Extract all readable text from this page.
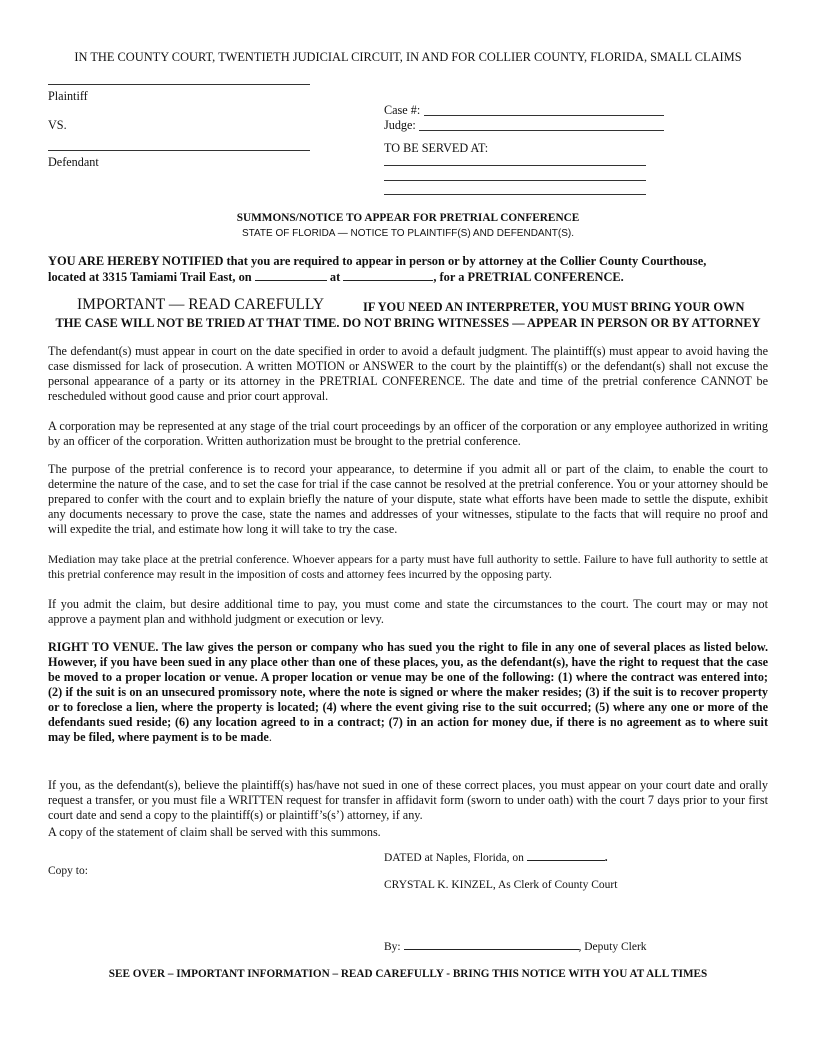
IN THE COUNTY COURT, TWENTIETH JUDICIAL CIRCUIT, IN AND FOR COLLIER COUNTY, FLORIDA, SMALL CLAIMS
Plaintiff
VS.
Defendant
Case #:
Judge:
TO BE SERVED AT:
SUMMONS/NOTICE TO APPEAR FOR PRETRIAL CONFERENCE
STATE OF FLORIDA — NOTICE TO PLAINTIFF(S) AND DEFENDANT(S).
YOU ARE HEREBY NOTIFIED that you are required to appear in person or by attorney at the Collier County Courthouse,
located at 3315 Tamiami Trail East, on	at	, for a PRETRIAL CONFERENCE.
IMPORTANT — READ CAREFULLY	IF YOU NEED AN INTERPRETER, YOU MUST BRING YOUR OWN
THE CASE WILL NOT BE TRIED AT THAT TIME. DO NOT BRING WITNESSES — APPEAR IN PERSON OR BY ATTORNEY
The defendant(s) must appear in court on the date specified in order to avoid a default judgment. The plaintiff(s) must appear to avoid having the case dismissed for lack of prosecution. A written MOTION or ANSWER to the court by the plaintiff(s) or the defendant(s) shall not excuse the personal appearance of a party or its attorney in the PRETRIAL CONFERENCE. The date and time of the pretrial conference CANNOT be rescheduled without good cause and prior court approval.
A corporation may be represented at any stage of the trial court proceedings by an officer of the corporation or any employee authorized in writing by an officer of the corporation. Written authorization must be brought to the pretrial conference.
The purpose of the pretrial conference is to record your appearance, to determine if you admit all or part of the claim, to enable the court to determine the nature of the case, and to set the case for trial if the case cannot be resolved at the pretrial conference. You or your attorney should be prepared to confer with the court and to explain briefly the nature of your dispute, state what efforts have been made to settle the dispute, exhibit any documents necessary to prove the case, state the names and addresses of your witnesses, stipulate to the facts that will require no proof and will expedite the trial, and estimate how long it will take to try the case.
Mediation may take place at the pretrial conference. Whoever appears for a party must have full authority to settle. Failure to have full authority to settle at this pretrial conference may result in the imposition of costs and attorney fees incurred by the opposing party.
If you admit the claim, but desire additional time to pay, you must come and state the circumstances to the court. The court may or may not approve a payment plan and withhold judgment or execution or levy.
RIGHT TO VENUE. The law gives the person or company who has sued you the right to file in any one of several places as listed below. However, if you have been sued in any place other than one of these places, you, as the defendant(s), have the right to request that the case be moved to a proper location or venue. A proper location or venue may be one of the following: (1) where the contract was entered into; (2) if the suit is on an unsecured promissory note, where the note is signed or where the maker resides; (3) if the suit is to recover property or to foreclose a lien, where the property is located; (4) where the event giving rise to the suit occurred; (5) where any one or more of the defendants sued reside; (6) any location agreed to in a contract; (7) in an action for money due, if there is no agreement as to where suit may be filed, where payment is to be made.
If you, as the defendant(s), believe the plaintiff(s) has/have not sued in one of these correct places, you must appear on your court date and orally request a transfer, or you must file a WRITTEN request for transfer in affidavit form (sworn to under oath) with the court 7 days prior to your first court date and send a copy to the plaintiff(s) or plaintiff’s(s’) attorney, if any.
A copy of the statement of claim shall be served with this summons.
DATED at Naples, Florida, on	.
Copy to:
CRYSTAL K. KINZEL, As Clerk of County Court
By:	, Deputy Clerk
SEE OVER – IMPORTANT INFORMATION – READ CAREFULLY - BRING THIS NOTICE WITH YOU AT ALL TIMES
